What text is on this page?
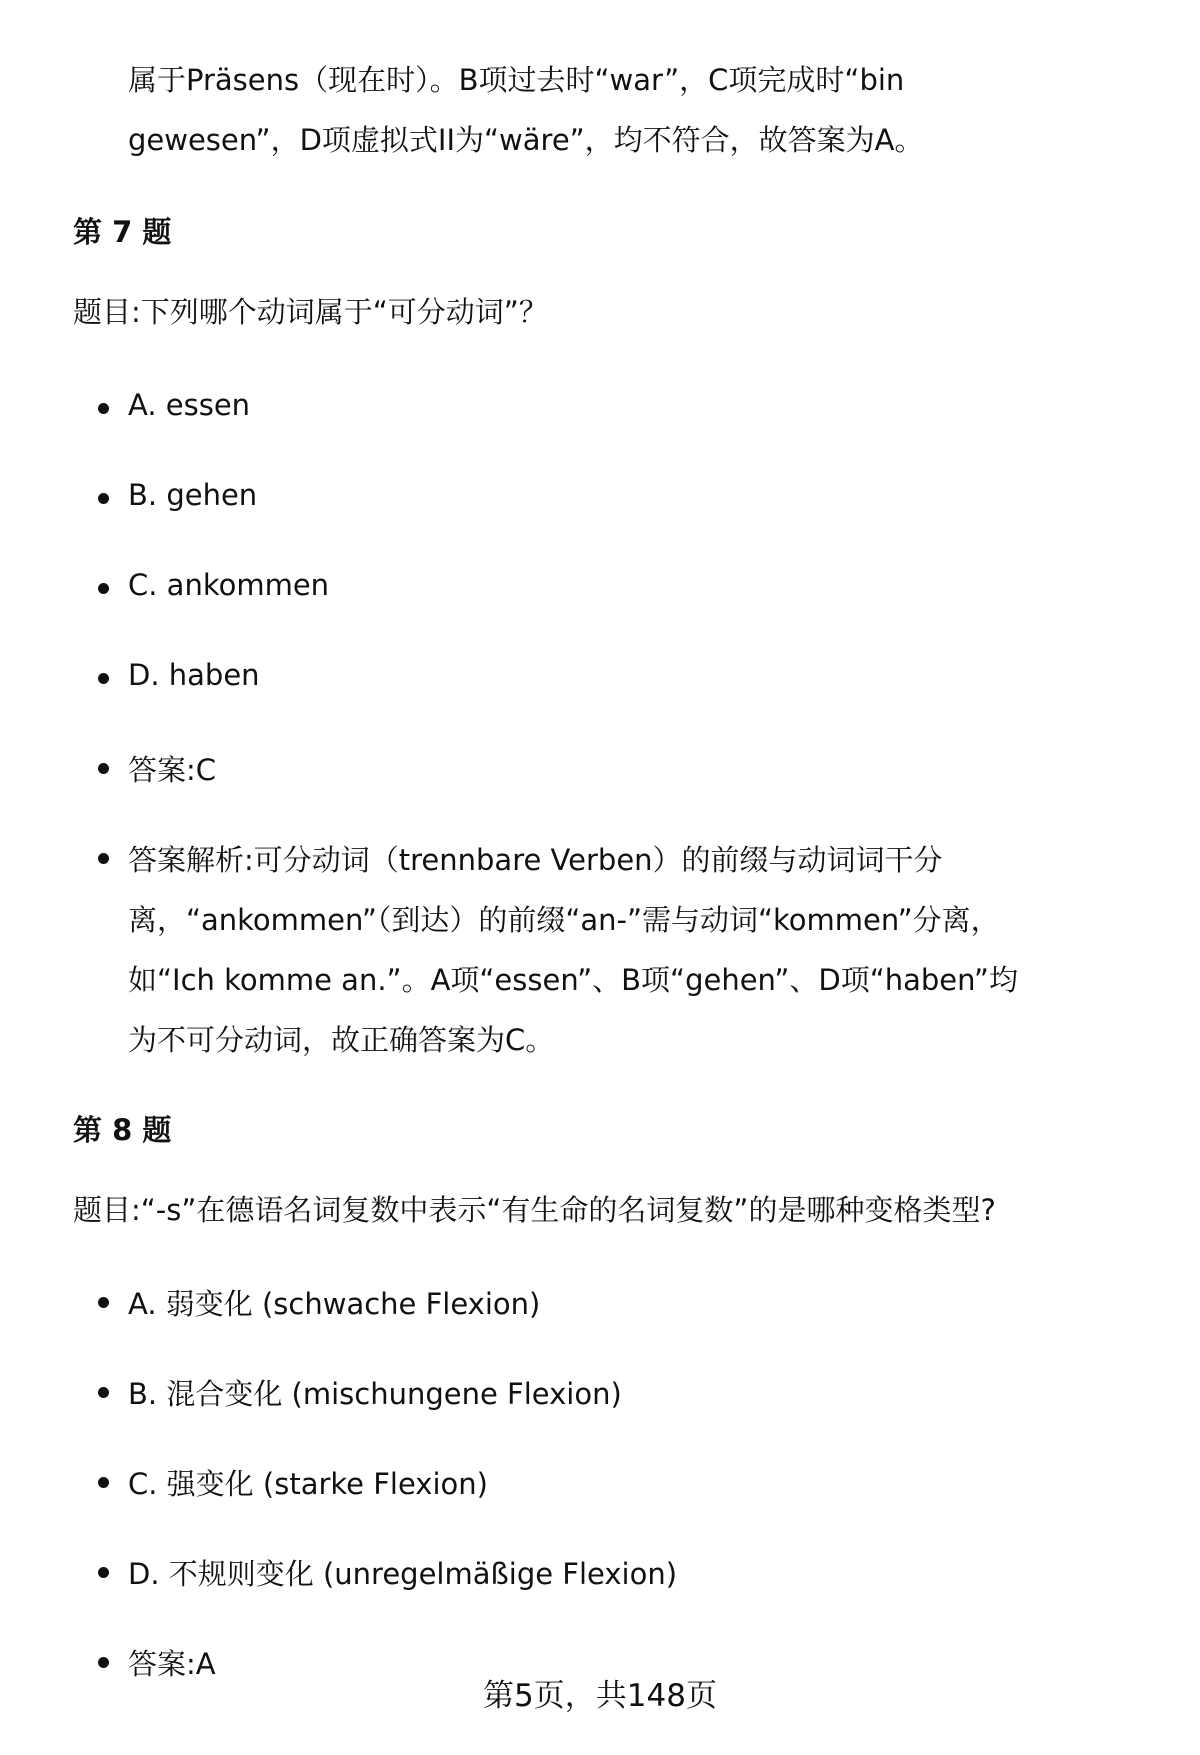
属于Präsens（现在时）。B项过去时“war”，C项完成时“bin
gewesen”，D项虚拟式II为“wäre”，均不符合，故答案为A。
第 7 题
题目:下列哪个动词属于“可分动词”？
A. essen
B. gehen
C. ankommen
D. haben
答案:C
答案解析:可分动词（trennbare Verben）的前缀与动词词干分
离，“ankommen”（到达）的前缀“an-”需与动词“kommen”分离，
如“Ich komme an.”。A项“essen”、B项“gehen”、D项“haben”均
为不可分动词，故正确答案为C。
第 8 题
题目:“-s”在德语名词复数中表示“有生命的名词复数”的是哪种变格类型?
A. 弱变化 (schwache Flexion)
B. 混合变化 (mischungene Flexion)
C. 强变化 (starke Flexion)
D. 不规则变化 (unregelmäßige Flexion)
答案:A
第5页，共148页
